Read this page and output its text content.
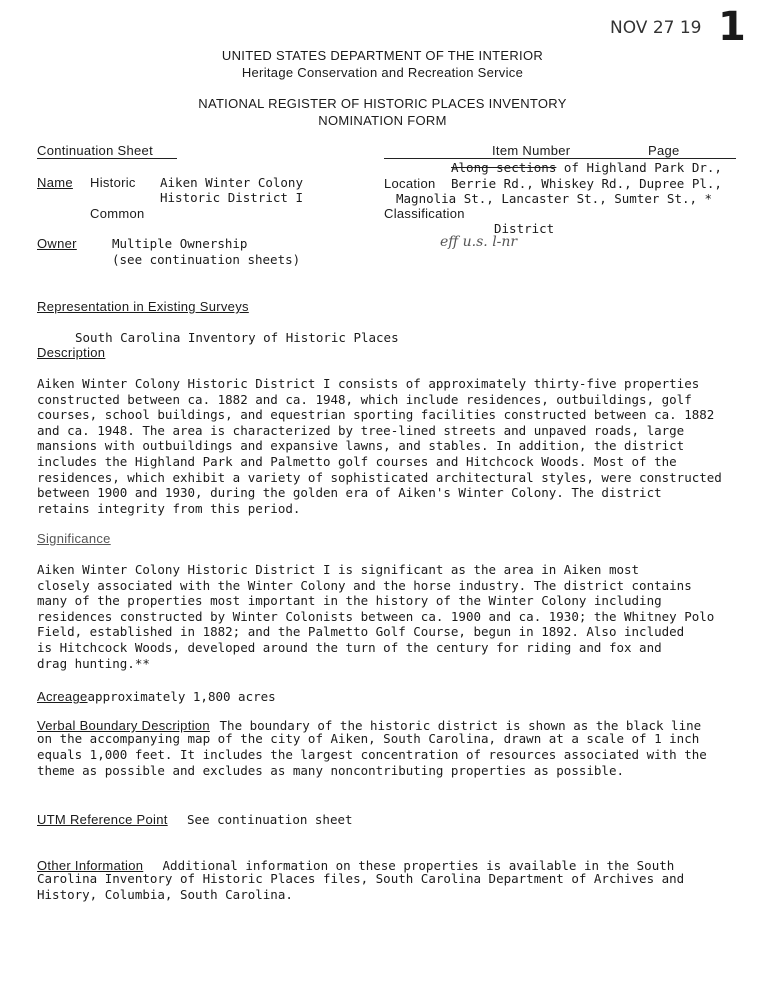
NOV 27 19 1
UNITED STATES DEPARTMENT OF THE INTERIOR
Heritage Conservation and Recreation Service
NATIONAL REGISTER OF HISTORIC PLACES INVENTORY
NOMINATION FORM
Continuation Sheet	Item Number	Page
Name Historic Aiken Winter Colony
Historic District I
Common
Along sections of Highland Park Dr.,
Location Berrie Rd., Whiskey Rd., Dupree Pl.,
Magnolia St., Lancaster St., Sumter St., *
Classification
District
eff u.s. l-nr
Owner	Multiple Ownership
(see continuation sheets)
Representation in Existing Surveys
South Carolina Inventory of Historic Places
Description
Aiken Winter Colony Historic District I consists of approximately thirty-five properties
constructed between ca. 1882 and ca. 1948, which include residences, outbuildings, golf
courses, school buildings, and equestrian sporting facilities constructed between ca. 1882
and ca. 1948. The area is characterized by tree-lined streets and unpaved roads, large
mansions with outbuildings and expansive lawns, and stables. In addition, the district
includes the Highland Park and Palmetto golf courses and Hitchcock Woods. Most of the
residences, which exhibit a variety of sophisticated architectural styles, were constructed
between 1900 and 1930, during the golden era of Aiken's Winter Colony. The district
retains integrity from this period.
Significance
Aiken Winter Colony Historic District I is significant as the area in Aiken most
closely associated with the Winter Colony and the horse industry. The district contains
many of the properties most important in the history of the Winter Colony including
residences constructed by Winter Colonists between ca. 1900 and ca. 1930; the Whitney Polo
Field, established in 1882; and the Palmetto Golf Course, begun in 1892. Also included
is Hitchcock Woods, developed around the turn of the century for riding and fox and
drag hunting.**
Acreageapproximately 1,800 acres
Verbal Boundary Description The boundary of the historic district is shown as the black line
on the accompanying map of the city of Aiken, South Carolina, drawn at a scale of 1 inch
equals 1,000 feet. It includes the largest concentration of resources associated with the
theme as possible and excludes as many noncontributing properties as possible.
UTM Reference Point See continuation sheet
Other Information Additional information on these properties is available in the South
Carolina Inventory of Historic Places files, South Carolina Department of Archives and
History, Columbia, South Carolina.
